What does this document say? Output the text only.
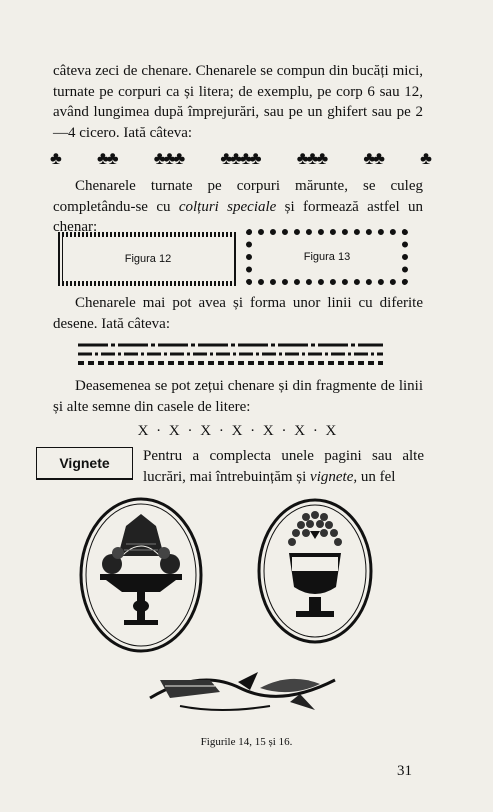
câteva zeci de chenare. Chenarele se compun din bucăți mici, turnate pe corpuri ca și litera; de exemplu, pe corp 6 sau 12, având lungimea după împrejurări, sau pe un ghifert sau pe 2—4 cicero. Iată câteva:
♣ ♣♣ ♣♣♣ ♣♣♣♣ ♣♣♣ ♣♣ ♣
Chenarele turnate pe corpuri mărunte, se culeg completându-se cu colțuri speciale și formează astfel un chenar:
Figura 12	Figura 13
Chenarele mai pot avea și forma unor linii cu diferite desene. Iată câteva:
Deasemenea se pot zețui chenare și din fragmente de linii și alte semne din casele de litere:
X · X · X · X · X · X · X
Vignete Pentru a complecta unele pagini sau alte lucrări, mai întrebuințăm și vignete, un fel
Figurile 14, 15 și 16.
31
